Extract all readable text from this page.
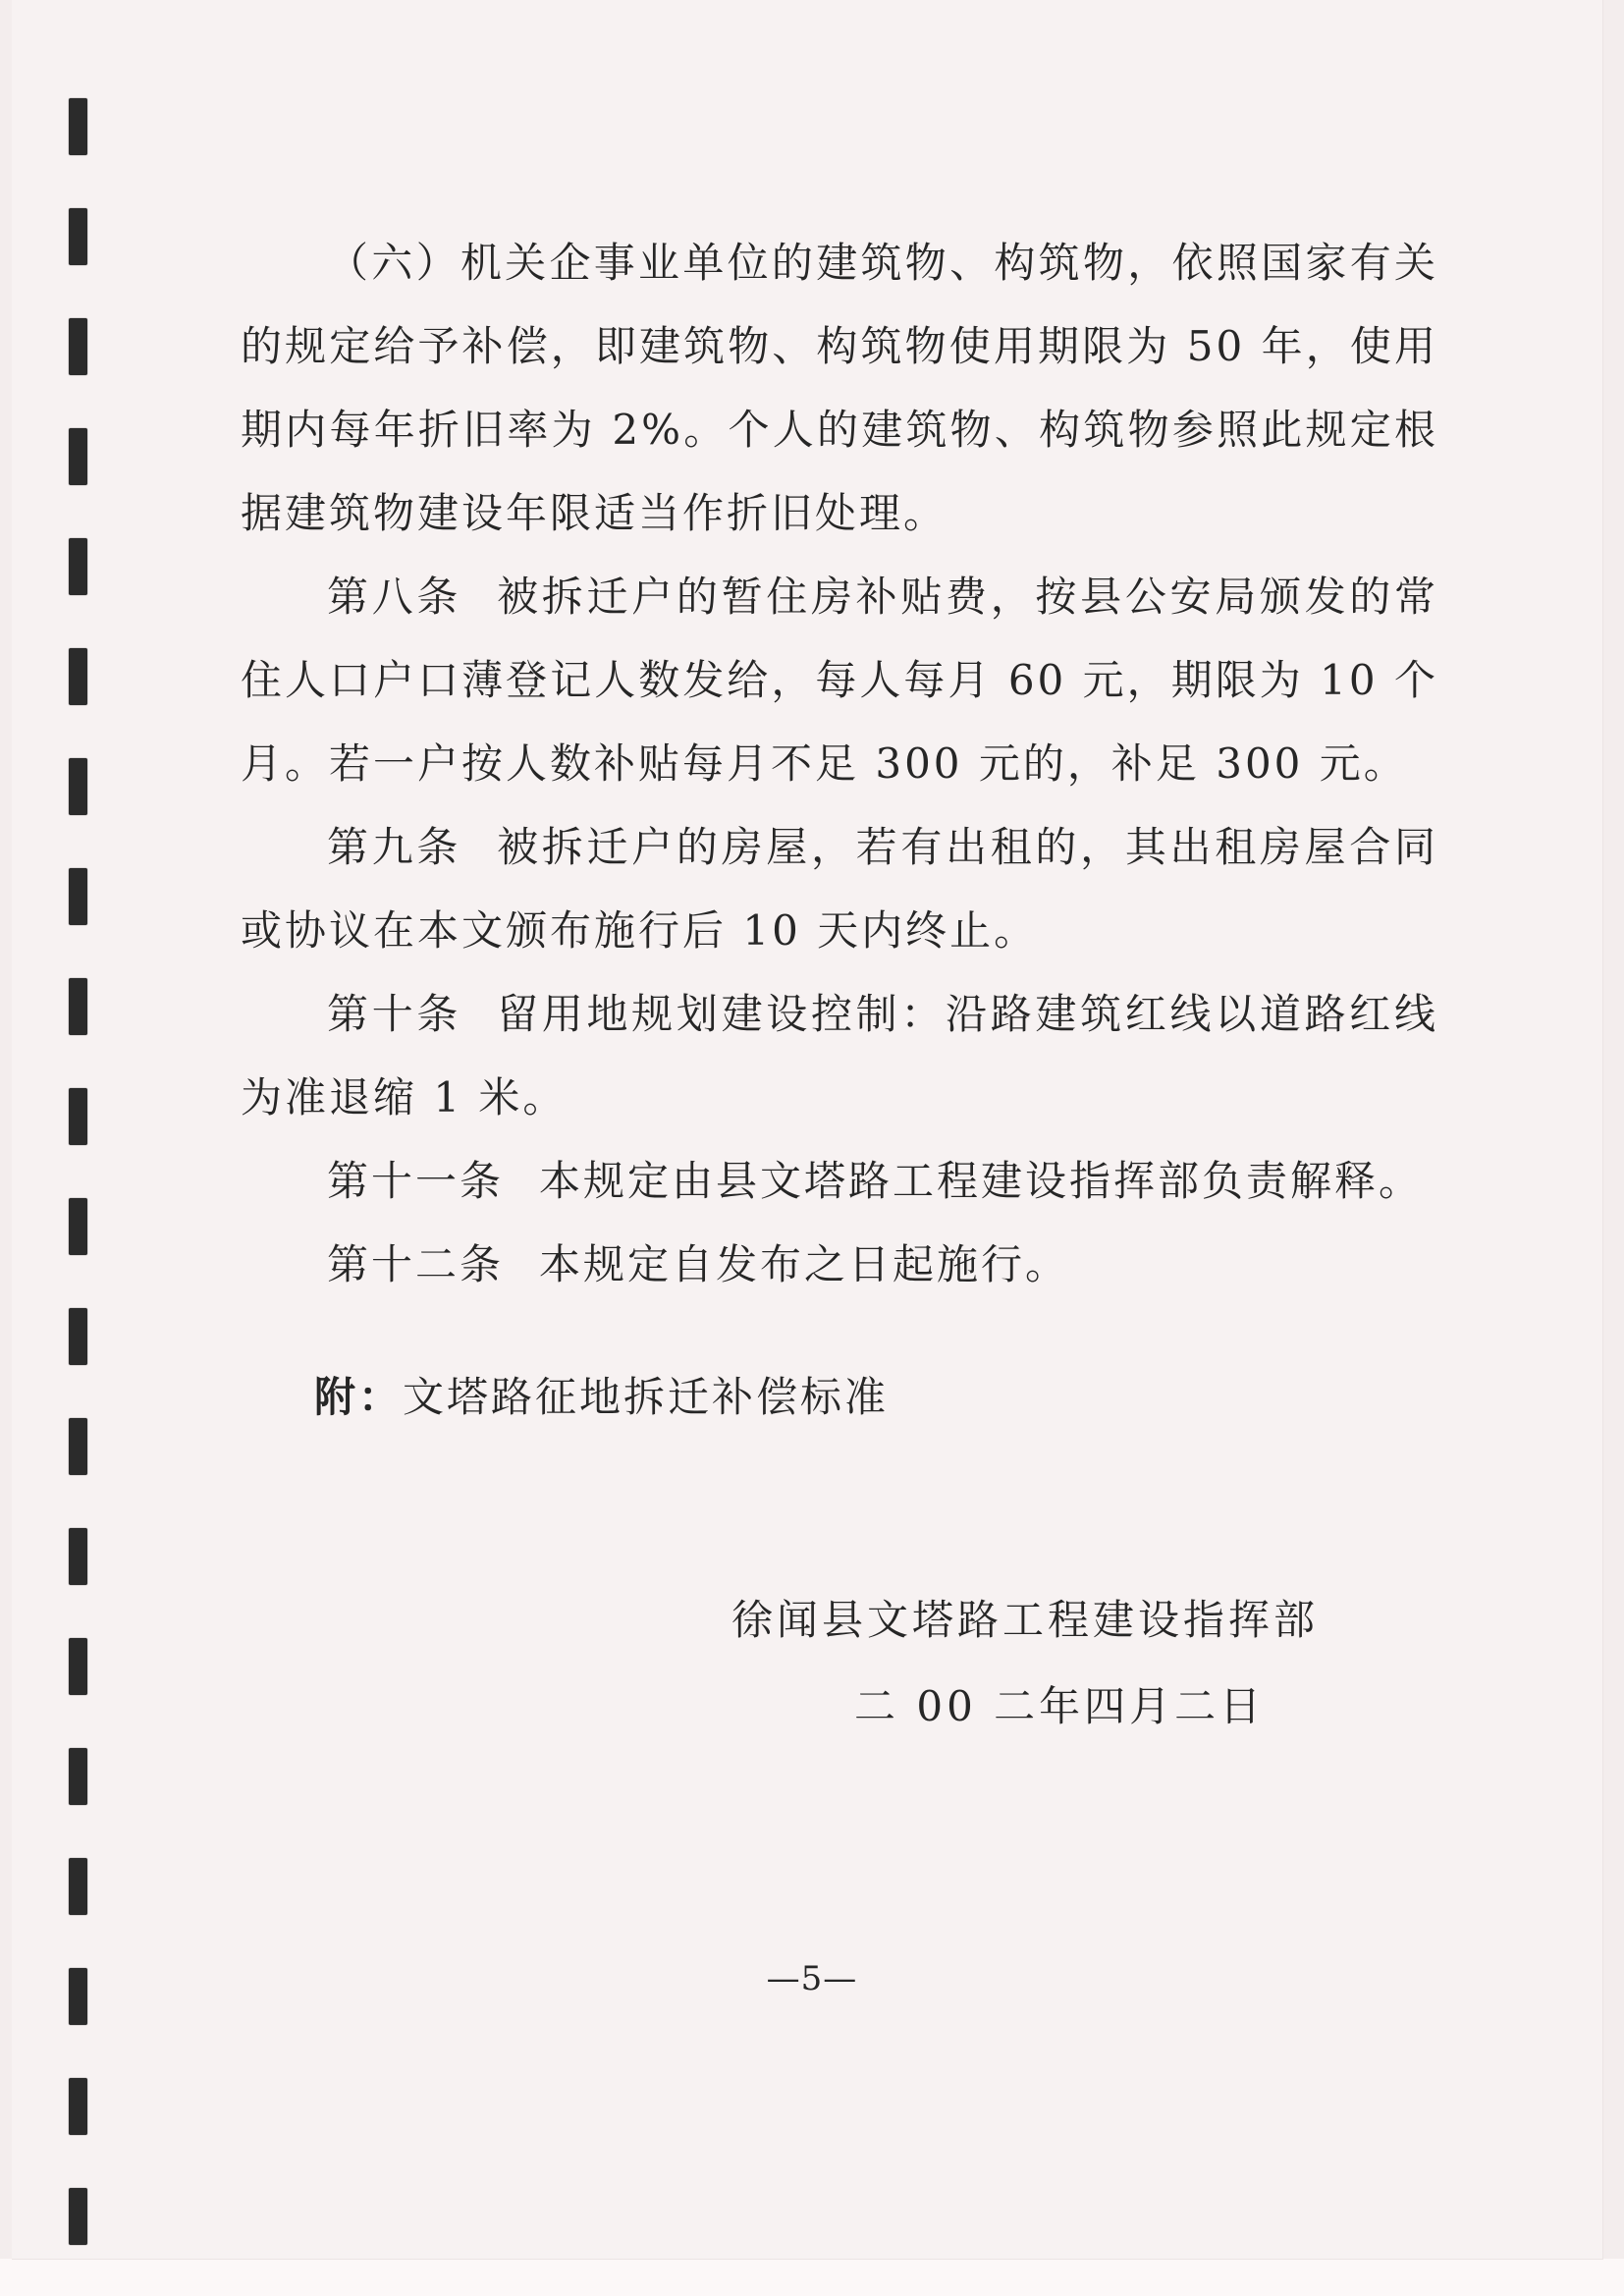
（六）机关企事业单位的建筑物、构筑物，依照国家有关的规定给予补偿，即建筑物、构筑物使用期限为 50 年，使用期内每年折旧率为 2%。个人的建筑物、构筑物参照此规定根据建筑物建设年限适当作折旧处理。

第八条 被拆迁户的暂住房补贴费，按县公安局颁发的常住人口户口薄登记人数发给，每人每月 60 元，期限为 10 个月。若一户按人数补贴每月不足 300 元的，补足 300 元。

第九条 被拆迁户的房屋，若有出租的，其出租房屋合同或协议在本文颁布施行后 10 天内终止。

第十条 留用地规划建设控制：沿路建筑红线以道路红线为准退缩 1 米。

第十一条 本规定由县文塔路工程建设指挥部负责解释。

第十二条 本规定自发布之日起施行。

附：文塔路征地拆迁补偿标准

徐闻县文塔路工程建设指挥部
二 00 二年四月二日
—5—
